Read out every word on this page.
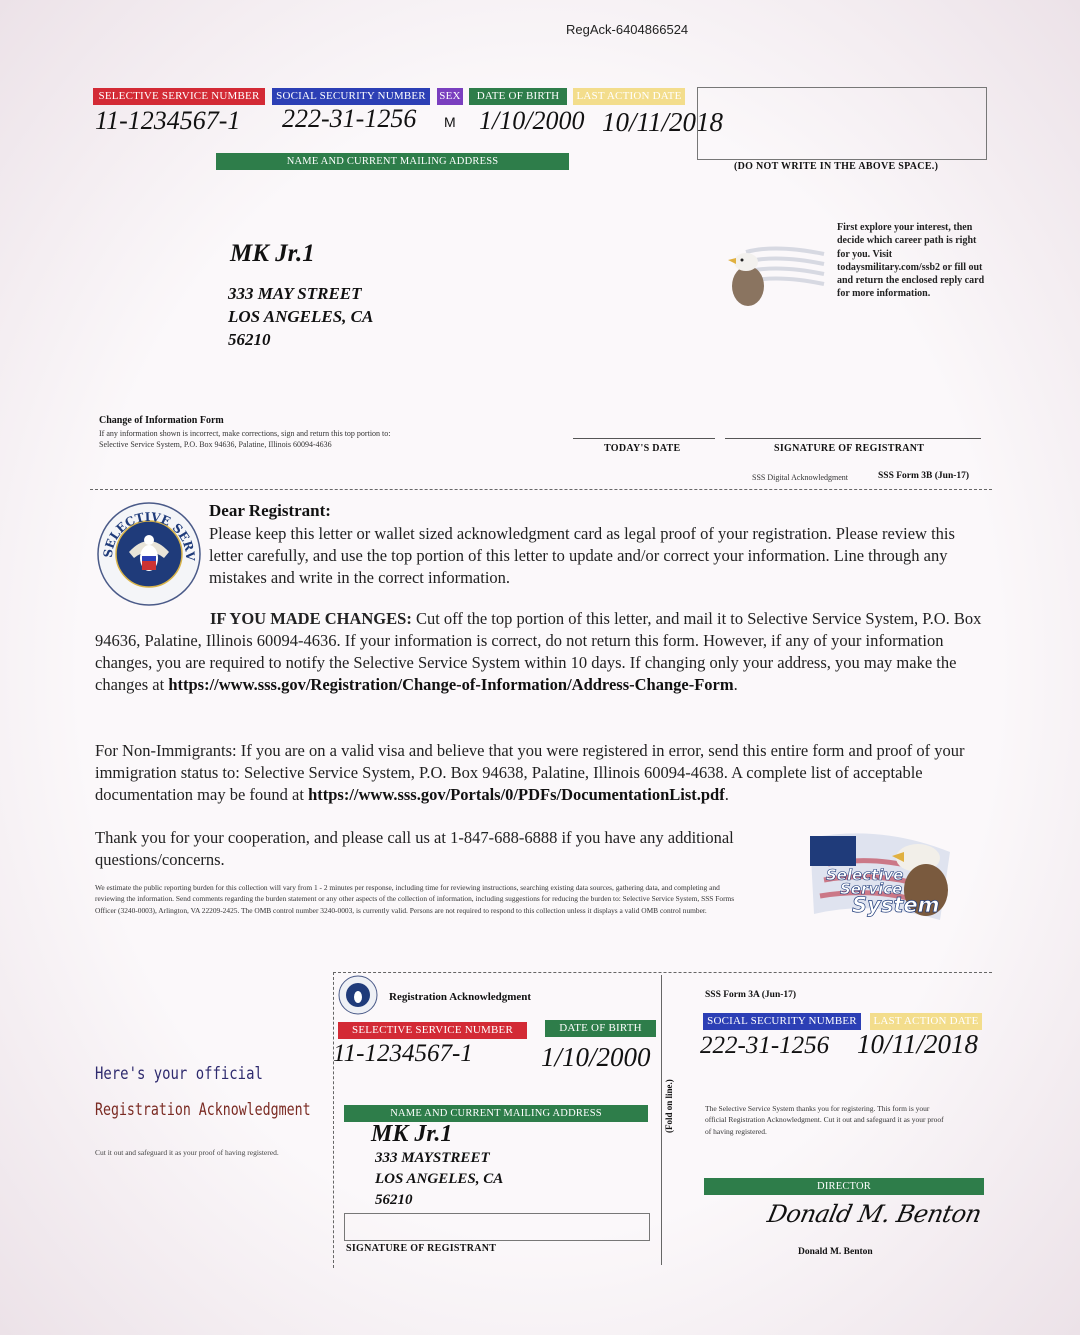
RegAck-6404866524
SELECTIVE SERVICE NUMBER	SOCIAL SECURITY NUMBER	SEX	DATE OF BIRTH	LAST ACTION DATE
11-1234567-1 222-31-1256 M 1/10/2000 10/11/2018
(DO NOT WRITE IN THE ABOVE SPACE.)
NAME AND CURRENT MAILING ADDRESS
MK Jr.1
333 MAY STREET
LOS ANGELES, CA
56210
First explore your interest, then decide which career path is right for you. Visit todaysmilitary.com/ssb2 or fill out and return the enclosed reply card for more information.
Change of Information Form
If any information shown is incorrect, make corrections, sign and return this top portion to:
Selective Service System, P.O. Box 94636, Palatine, Illinois 60094-4636	TODAY'S DATE	SIGNATURE OF REGISTRANT
SSS Digital Acknowledgment	SSS Form 3B (Jun-17)
SELECTIVE SERV
Dear Registrant:
Please keep this letter or wallet sized acknowledgment card as legal proof of your registration. Please review this letter carefully, and use the top portion of this letter to update and/or correct your information. Line through any mistakes and write in the correct information.
IF YOU MADE CHANGES: Cut off the top portion of this letter, and mail it to Selective Service System, P.O. Box 94636, Palatine, Illinois 60094-4636. If your information is correct, do not return this form. However, if any of your information changes, you are required to notify the Selective Service System within 10 days. If changing only your address, you may make the changes at https://www.sss.gov/Registration/Change-of-Information/Address-Change-Form.
For Non-Immigrants: If you are on a valid visa and believe that you were registered in error, send this entire form and proof of your immigration status to: Selective Service System, P.O. Box 94638, Palatine, Illinois 60094-4638. A complete list of acceptable documentation may be found at https://www.sss.gov/Portals/0/PDFs/DocumentationList.pdf.
Thank you for your cooperation, and please call us at 1-847-688-6888 if you have any additional questions/concerns.
We estimate the public reporting burden for this collection will vary from 1 - 2 minutes per response, including time for reviewing instructions, searching existing data sources, gathering data, and completing and reviewing the information. Send comments regarding the burden statement or any other aspects of the collection of information, including suggestions for reducing the burden to: Selective Service System, SSS Forms Officer (3240-0003), Arlington, VA 22209-2425. The OMB control number 3240-0003, is currently valid. Persons are not required to respond to this collection unless it displays a valid OMB control number.
Selective
Service
System
Here's your official
Registration Acknowledgment
Cut it out and safeguard it as your proof of having registered.
Registration Acknowledgment
SELECTIVE SERVICE NUMBER	DATE OF BIRTH
11-1234567-1	1/10/2000
NAME AND CURRENT MAILING ADDRESS
MK Jr.1
333 MAYSTREET
LOS ANGELES, CA
56210
SIGNATURE OF REGISTRANT
(Fold on line.)
SSS Form 3A (Jun-17)
SOCIAL SECURITY NUMBER	LAST ACTION DATE
222-31-1256 10/11/2018
The Selective Service System thanks you for registering. This form is your official Registration Acknowledgment. Cut it out and safeguard it as your proof of having registered.
DIRECTOR
Donald M. Benton
Donald M. Benton
